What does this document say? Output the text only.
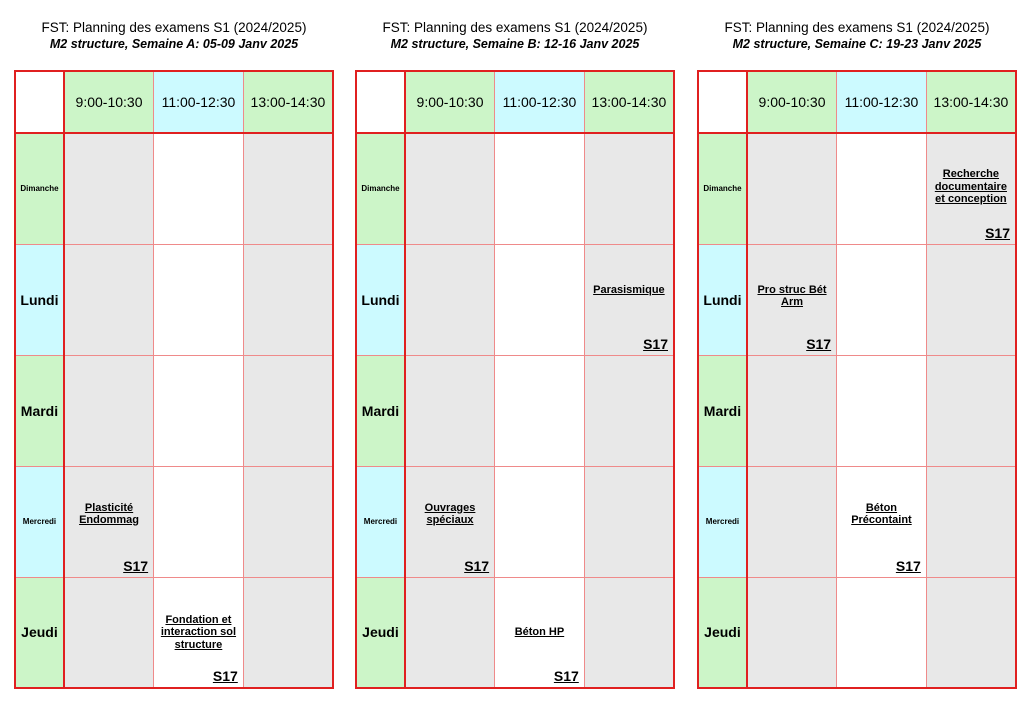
FST: Planning des examens S1 (2024/2025)
M2 structure, Semaine A: 05-09 Janv 2025
	9:00-10:30	11:00-12:30	13:00-14:30
Dimanche			
Lundi			
Mardi			
Mercredi	Plasticité Endommag
S17		

Jeudi		Fondation et interaction sol structure
S17	

FST: Planning des examens S1 (2024/2025)
M2 structure, Semaine B: 12-16 Janv 2025
	9:00-10:30	11:00-12:30	13:00-14:30
Dimanche			
Lundi			Parasismique
S17

Mardi			
Mercredi	Ouvrages spéciaux
S17		

Jeudi		Béton HP
S17	

FST: Planning des examens S1 (2024/2025)
M2 structure, Semaine C: 19-23 Janv 2025
	9:00-10:30	11:00-12:30	13:00-14:30
Dimanche			Recherche documentaire et conception
S17

Lundi	Pro struc Bét Arm
S17		

Mardi			
Mercredi		Béton Précontaint
S17	

Jeudi			
